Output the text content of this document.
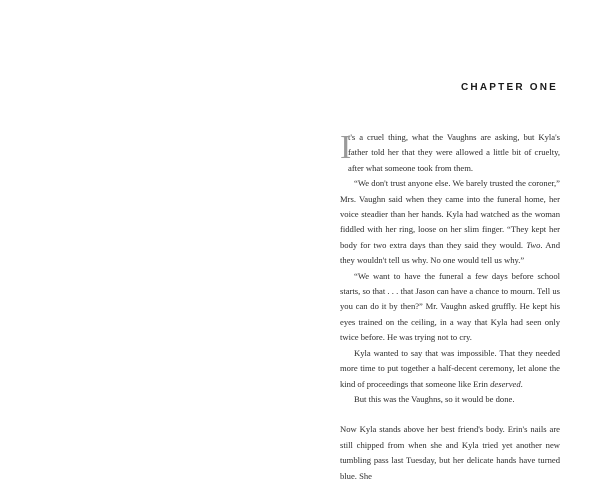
CHAPTER ONE

I
t's a cruel thing, what the Vaughns are asking, but Kyla's father told her that they were allowed a little bit of cruelty, after what someone took from them.

“We don't trust anyone else. We barely trusted the coroner,” Mrs. Vaughn said when they came into the funeral home, her voice steadier than her hands. Kyla had watched as the woman fiddled with her ring, loose on her slim finger. “They kept her body for two extra days than they said they would. Two. And they wouldn't tell us why. No one would tell us why.”

“We want to have the funeral a few days before school starts, so that . . . that Jason can have a chance to mourn. Tell us you can do it by then?” Mr. Vaughn asked gruffly. He kept his eyes trained on the ceiling, in a way that Kyla had seen only twice before. He was trying not to cry.

Kyla wanted to say that was impossible. That they needed more time to put together a half-decent ceremony, let alone the kind of proceedings that someone like Erin deserved.

But this was the Vaughns, so it would be done.

Now Kyla stands above her best friend's body. Erin's nails are still chipped from when she and Kyla tried yet another new tumbling pass last Tuesday, but her delicate hands have turned blue. She
